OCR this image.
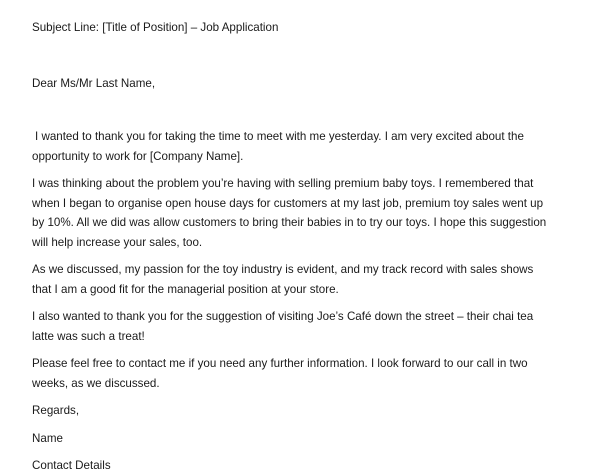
Subject Line: [Title of Position] – Job Application

Dear Ms/Mr Last Name,

I wanted to thank you for taking the time to meet with me yesterday. I am very excited about the
opportunity to work for [Company Name].

I was thinking about the problem you’re having with selling premium baby toys. I remembered that
when I began to organise open house days for customers at my last job, premium toy sales went up
by 10%. All we did was allow customers to bring their babies in to try our toys. I hope this suggestion
will help increase your sales, too.

As we discussed, my passion for the toy industry is evident, and my track record with sales shows
that I am a good fit for the managerial position at your store.

I also wanted to thank you for the suggestion of visiting Joe’s Café down the street – their chai tea
latte was such a treat!

Please feel free to contact me if you need any further information. I look forward to our call in two
weeks, as we discussed.

Regards,

Name

Contact Details
